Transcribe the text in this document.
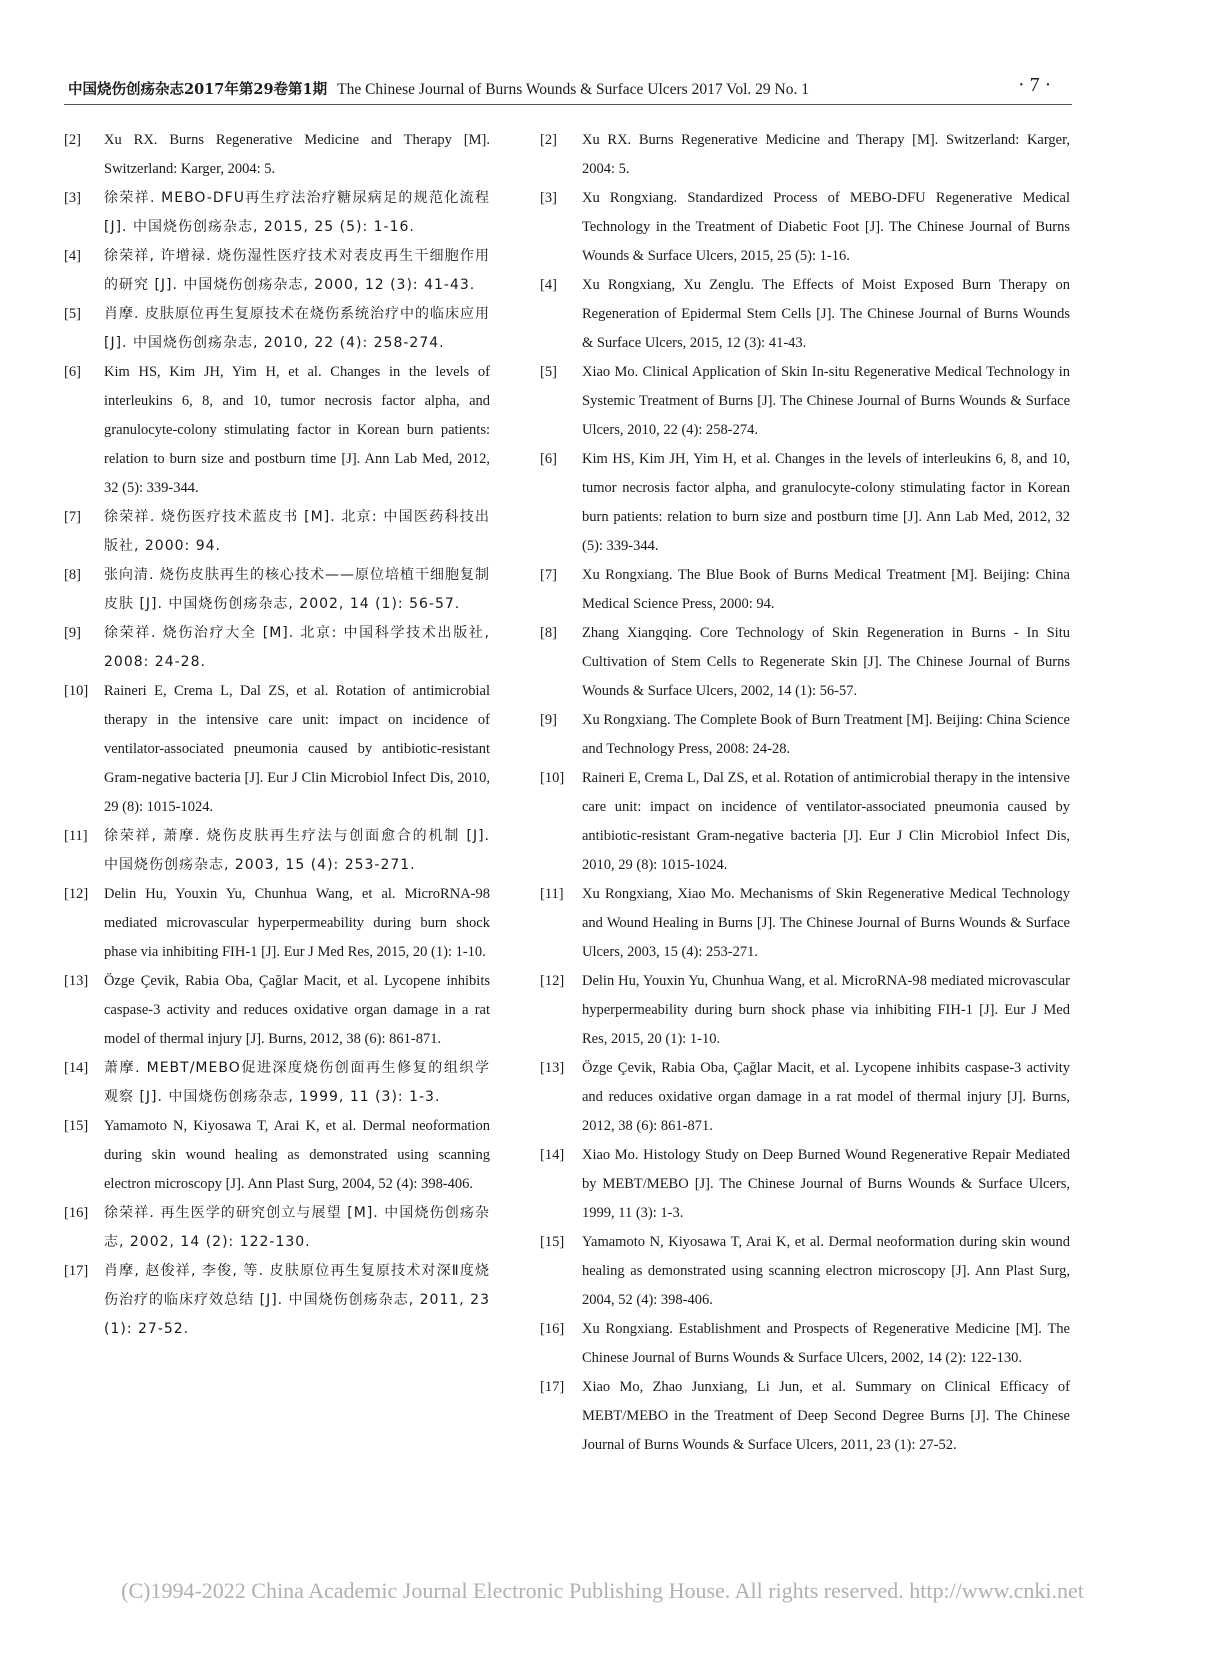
中国烧伤创疡杂志2017年第29卷第1期 The Chinese Journal of Burns Wounds & Surface Ulcers 2017 Vol. 29 No. 1	· 7 ·
[2]	Xu RX. Burns Regenerative Medicine and Therapy [M]. Switzerland: Karger, 2004: 5.
[3]	徐荣祥. MEBO-DFU再生疗法治疗糖尿病足的规范化流程 [J]. 中国烧伤创疡杂志, 2015, 25 (5): 1-16.
[4]	徐荣祥, 许增禄. 烧伤湿性医疗技术对表皮再生干细胞作用的研究 [J]. 中国烧伤创疡杂志, 2000, 12 (3): 41-43.
[5]	肖摩. 皮肤原位再生复原技术在烧伤系统治疗中的临床应用 [J]. 中国烧伤创疡杂志, 2010, 22 (4): 258-274.
[6]	Kim HS, Kim JH, Yim H, et al. Changes in the levels of interleukins 6, 8, and 10, tumor necrosis factor alpha, and granulocyte-colony stimulating factor in Korean burn patients: relation to burn size and postburn time [J]. Ann Lab Med, 2012, 32 (5): 339-344.
[7]	徐荣祥. 烧伤医疗技术蓝皮书 [M]. 北京: 中国医药科技出版社, 2000: 94.
[8]	张向清. 烧伤皮肤再生的核心技术——原位培植干细胞复制皮肤 [J]. 中国烧伤创疡杂志, 2002, 14 (1): 56-57.
[9]	徐荣祥. 烧伤治疗大全 [M]. 北京: 中国科学技术出版社, 2008: 24-28.
[10]	Raineri E, Crema L, Dal ZS, et al. Rotation of antimicrobial therapy in the intensive care unit: impact on incidence of ventilator-associated pneumonia caused by antibiotic-resistant Gram-negative bacteria [J]. Eur J Clin Microbiol Infect Dis, 2010, 29 (8): 1015-1024.
[11]	徐荣祥, 萧摩. 烧伤皮肤再生疗法与创面愈合的机制 [J]. 中国烧伤创疡杂志, 2003, 15 (4): 253-271.
[12]	Delin Hu, Youxin Yu, Chunhua Wang, et al. MicroRNA-98 mediated microvascular hyperpermeability during burn shock phase via inhibiting FIH-1 [J]. Eur J Med Res, 2015, 20 (1): 1-10.
[13]	Özge Çevik, Rabia Oba, Çağlar Macit, et al. Lycopene inhibits caspase-3 activity and reduces oxidative organ damage in a rat model of thermal injury [J]. Burns, 2012, 38 (6): 861-871.
[14]	萧摩. MEBT/MEBO促进深度烧伤创面再生修复的组织学观察 [J]. 中国烧伤创疡杂志, 1999, 11 (3): 1-3.
[15]	Yamamoto N, Kiyosawa T, Arai K, et al. Dermal neoformation during skin wound healing as demonstrated using scanning electron microscopy [J]. Ann Plast Surg, 2004, 52 (4): 398-406.
[16]	徐荣祥. 再生医学的研究创立与展望 [M]. 中国烧伤创疡杂志, 2002, 14 (2): 122-130.
[17]	肖摩, 赵俊祥, 李俊, 等. 皮肤原位再生复原技术对深Ⅱ度烧伤治疗的临床疗效总结 [J]. 中国烧伤创疡杂志, 2011, 23 (1): 27-52.
[2]	Xu RX. Burns Regenerative Medicine and Therapy [M]. Switzerland: Karger, 2004: 5.
[3]	Xu Rongxiang. Standardized Process of MEBO-DFU Regenerative Medical Technology in the Treatment of Diabetic Foot [J]. The Chinese Journal of Burns Wounds & Surface Ulcers, 2015, 25 (5): 1-16.
[4]	Xu Rongxiang, Xu Zenglu. The Effects of Moist Exposed Burn Therapy on Regeneration of Epidermal Stem Cells [J]. The Chinese Journal of Burns Wounds & Surface Ulcers, 2015, 12 (3): 41-43.
[5]	Xiao Mo. Clinical Application of Skin In-situ Regenerative Medical Technology in Systemic Treatment of Burns [J]. The Chinese Journal of Burns Wounds & Surface Ulcers, 2010, 22 (4): 258-274.
[6]	Kim HS, Kim JH, Yim H, et al. Changes in the levels of interleukins 6, 8, and 10, tumor necrosis factor alpha, and granulocyte-colony stimulating factor in Korean burn patients: relation to burn size and postburn time [J]. Ann Lab Med, 2012, 32 (5): 339-344.
[7]	Xu Rongxiang. The Blue Book of Burns Medical Treatment [M]. Beijing: China Medical Science Press, 2000: 94.
[8]	Zhang Xiangqing. Core Technology of Skin Regeneration in Burns - In Situ Cultivation of Stem Cells to Regenerate Skin [J]. The Chinese Journal of Burns Wounds & Surface Ulcers, 2002, 14 (1): 56-57.
[9]	Xu Rongxiang. The Complete Book of Burn Treatment [M]. Beijing: China Science and Technology Press, 2008: 24-28.
[10]	Raineri E, Crema L, Dal ZS, et al. Rotation of antimicrobial therapy in the intensive care unit: impact on incidence of ventilator-associated pneumonia caused by antibiotic-resistant Gram-negative bacteria [J]. Eur J Clin Microbiol Infect Dis, 2010, 29 (8): 1015-1024.
[11]	Xu Rongxiang, Xiao Mo. Mechanisms of Skin Regenerative Medical Technology and Wound Healing in Burns [J]. The Chinese Journal of Burns Wounds & Surface Ulcers, 2003, 15 (4): 253-271.
[12]	Delin Hu, Youxin Yu, Chunhua Wang, et al. MicroRNA-98 mediated microvascular hyperpermeability during burn shock phase via inhibiting FIH-1 [J]. Eur J Med Res, 2015, 20 (1): 1-10.
[13]	Özge Çevik, Rabia Oba, Çağlar Macit, et al. Lycopene inhibits caspase-3 activity and reduces oxidative organ damage in a rat model of thermal injury [J]. Burns, 2012, 38 (6): 861-871.
[14]	Xiao Mo. Histology Study on Deep Burned Wound Regenerative Repair Mediated by MEBT/MEBO [J]. The Chinese Journal of Burns Wounds & Surface Ulcers, 1999, 11 (3): 1-3.
[15]	Yamamoto N, Kiyosawa T, Arai K, et al. Dermal neoformation during skin wound healing as demonstrated using scanning electron microscopy [J]. Ann Plast Surg, 2004, 52 (4): 398-406.
[16]	Xu Rongxiang. Establishment and Prospects of Regenerative Medicine [M]. The Chinese Journal of Burns Wounds & Surface Ulcers, 2002, 14 (2): 122-130.
[17]	Xiao Mo, Zhao Junxiang, Li Jun, et al. Summary on Clinical Efficacy of MEBT/MEBO in the Treatment of Deep Second Degree Burns [J]. The Chinese Journal of Burns Wounds & Surface Ulcers, 2011, 23 (1): 27-52.
(C)1994-2022 China Academic Journal Electronic Publishing House. All rights reserved. http://www.cnki.net
